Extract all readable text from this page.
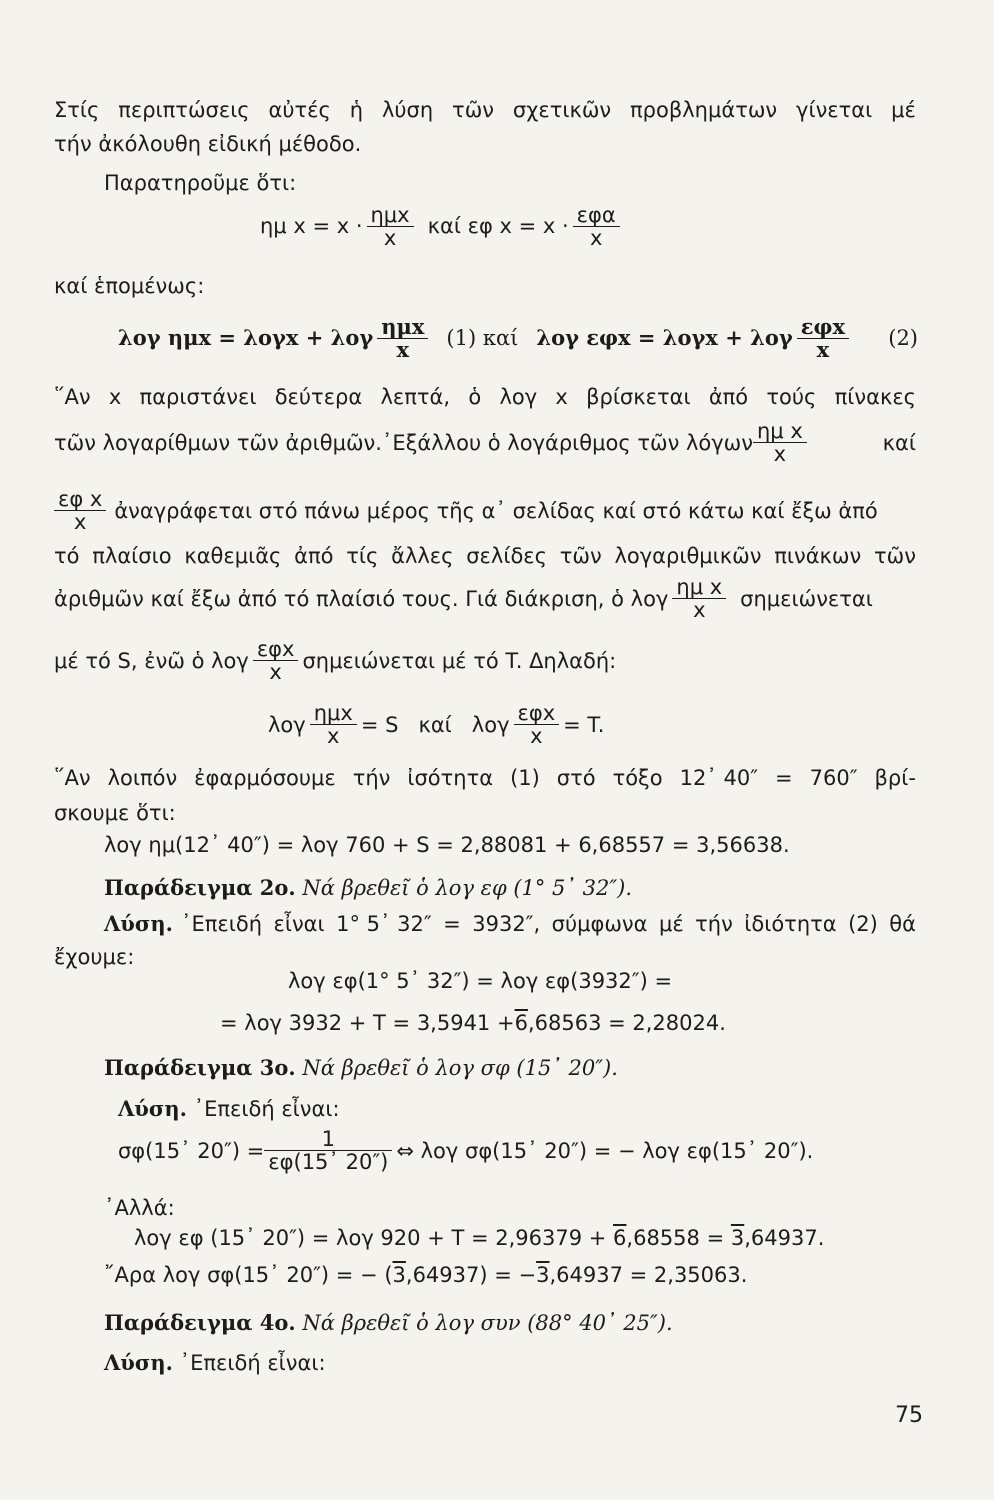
Στίς περιπτώσεις αὐτές ἡ λύση τῶν σχετικῶν προβλημάτων γίνεται μέ
τήν ἀκόλουθη εἰδική μέθοδο.
Παρατηροῦμε ὅτι:
ημ $x = x \cdot \frac{\text{ημx}}{x}$ καί εφ $x = x \cdot \frac{\text{εφα}}{x}$
καί ἑπομένως:
λογ ημx = λογx + λογ $\frac{\text{ημx}}{x} (1)$ καί λογ εφx = λογx + λογ $\frac{\text{εφx}}{x} (2)$
῞Αν x παριστάνει δεύτερα λεπτά, ὁ λογ x βρίσκεται ἀπό τούς πίνακες
τῶν λογαρίθμων τῶν ἀριθμῶν.᾽Εξάλλου ὁ λογάριθμος τῶν λόγων $\frac{\text{ημ x}}{x}$	καί
$\frac{\text{εφ x}}{x}$ ἀναγράφεται στό πάνω μέρος τῆς α᾽ σελίδας καί στό κάτω καί ἔξω ἀπό
τό πλαίσιο καθεμιᾶς ἀπό τίς ἄλλες σελίδες τῶν λογαριθμικῶν πινάκων τῶν
ἀριθμῶν καί ἔξω ἀπό τό πλαίσιό τους. Γιά διάκριση, ὁ λογ $\frac{\text{ημ x}}{x}$ σημειώνεται
μέ τό S, ἐνῶ ὁ λογ $\frac{\text{εφx}}{x}$ σημειώνεται μέ τό T. Δηλαδή:
λογ $\frac{\text{ημx}}{x} = S$   καί   λογ $\frac{\text{εφx}}{x} = T$.
῞Αν λοιπόν ἐφαρμόσουμε τήν ἰσότητα (1) στό τόξο 12᾽ 40″ = 760″ βρί-
σκουμε ὅτι:
λογ ημ(12᾽ 40″) = λογ 760 + S = 2,88081 + 6,68557 = 3,56638.
Παράδειγμα 2ο. Νά βρεθεῖ ὁ λογ εφ (1° 5᾽ 32″).
Λύση. ᾽Επειδή εἶναι 1° 5᾽ 32″ = 3932″, σύμφωνα μέ τήν ἰδιότητα (2) θά
ἔχουμε:
λογ εφ(1° 5᾽ 32″) = λογ εφ(3932″) =
= λογ 3932 + T = 3,5941 +6,68563 = 2,28024.
Παράδειγμα 3ο. Νά βρεθεῖ ὁ λογ σφ (15᾽ 20″).
Λύση. ᾽Επειδή εἶναι:
σφ(15᾽ $20'') = \frac{1}{\varepsilon\varphi(15᾽ 20'')}$ ⇔ λογ σφ(15᾽ 20″) = − λογ εφ(15᾽ 20″).
᾽Αλλά:
λογ εφ (15᾽ 20″) = λογ 920 + T = 2,96379 + 6,68558 = 3,64937.
῎Αρα λογ σφ(15᾽ 20″) = − (3,64937) = −3,64937 = 2,35063.
Παράδειγμα 4ο. Νά βρεθεῖ ὁ λογ συν (88° 40᾽ 25″).
Λύση. ᾽Επειδή εἶναι:
75
